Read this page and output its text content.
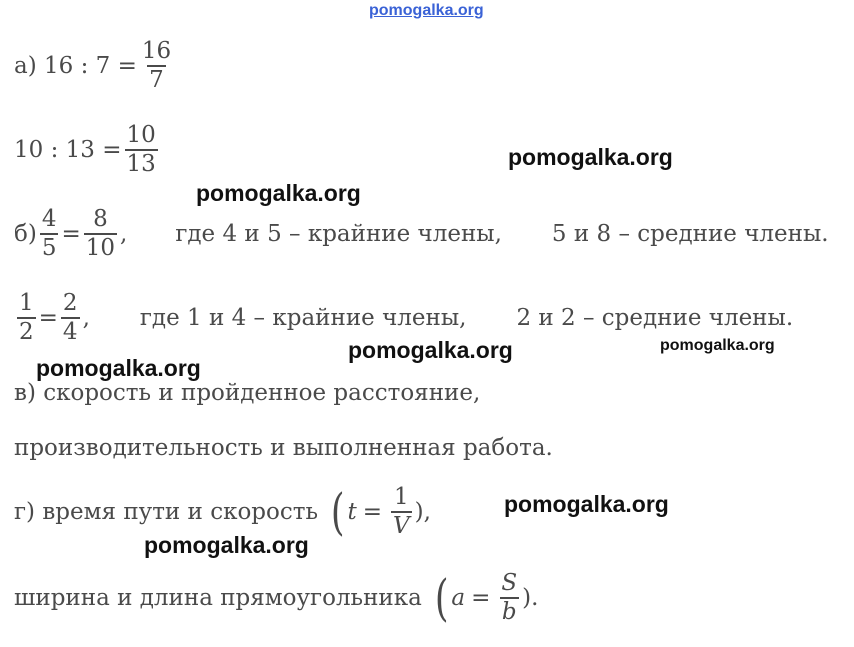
pomogalka.org
а) 16 : $7 = \frac{16}{7}$
10 : $13 = \frac{10}{13}$
$б) \frac{4}{5} = \frac{8}{10}$ , где 4 и 5 – крайние члены, 5 и 8 – средние члены.
$\frac{1}{2} = \frac{2}{4}$ , где 1 и 4 – крайние члены, 2 и 2 – средние члены.
в) скорость и пройденное расстояние,
производительность и выполненная работа.
г) время пути и скорость ( $t = \frac{1}{V}$ ),
ширина и длина прямоугольника ( $a = \frac{S}{b}$ ).
pomogalka.org
pomogalka.org
pomogalka.org	pomogalka.org
pomogalka.org
pomogalka.org
pomogalka.org
